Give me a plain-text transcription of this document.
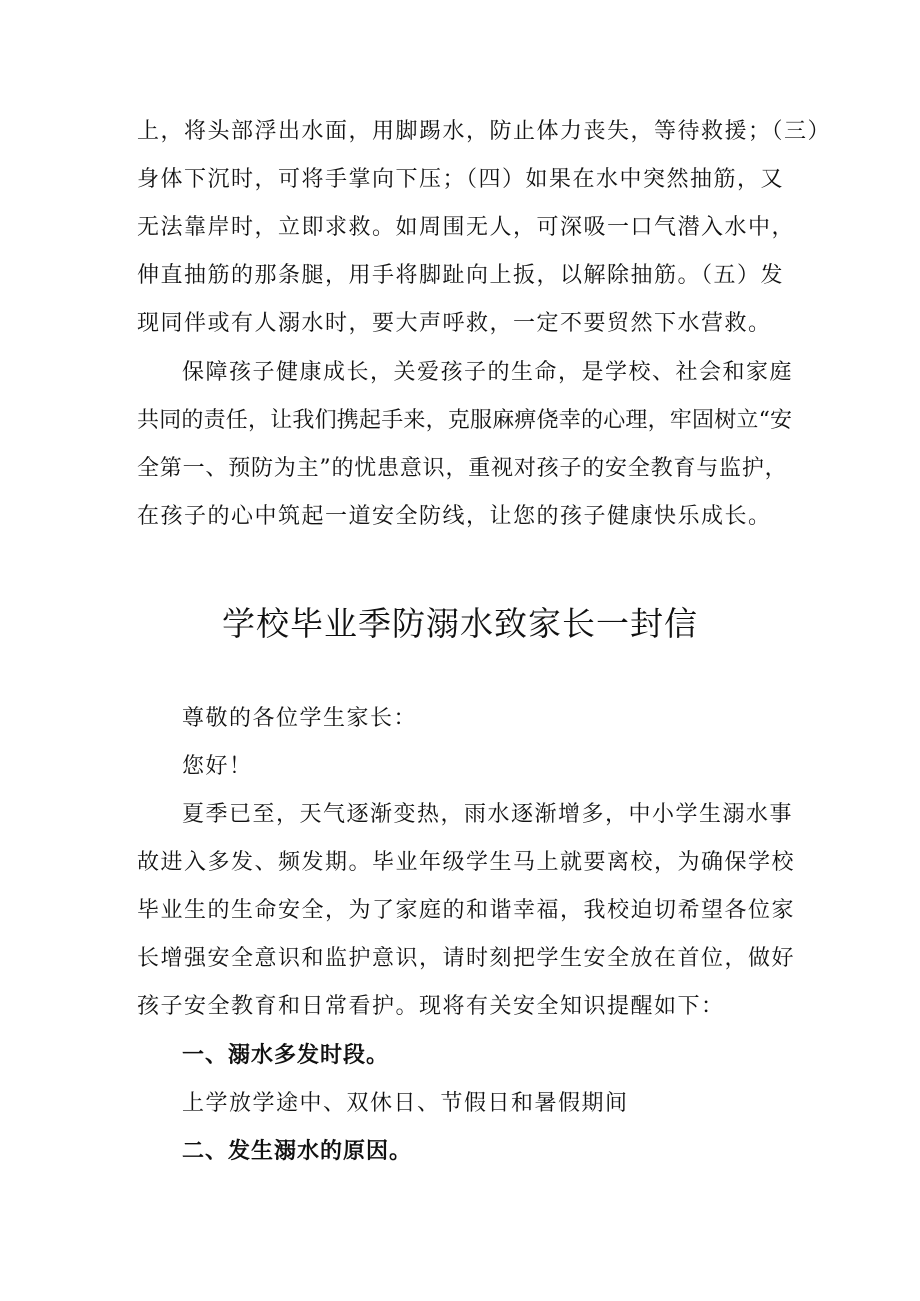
上，将头部浮出水面，用脚踢水，防止体力丧失，等待救援；（三）

身体下沉时，可将手掌向下压；（四）如果在水中突然抽筋，又

无法靠岸时，立即求救。如周围无人，可深吸一口气潜入水中，

伸直抽筋的那条腿，用手将脚趾向上扳，以解除抽筋。（五）发

现同伴或有人溺水时，要大声呼救，一定不要贸然下水营救。

保障孩子健康成长，关爱孩子的生命，是学校、社会和家庭

共同的责任，让我们携起手来，克服麻痹侥幸的心理，牢固树立“安

全第一、预防为主”的忧患意识，重视对孩子的安全教育与监护，

在孩子的心中筑起一道安全防线，让您的孩子健康快乐成长。

学校毕业季防溺水致家长一封信

尊敬的各位学生家长：

您好！

夏季已至，天气逐渐变热，雨水逐渐增多，中小学生溺水事

故进入多发、频发期。毕业年级学生马上就要离校，为确保学校

毕业生的生命安全，为了家庭的和谐幸福，我校迫切希望各位家

长增强安全意识和监护意识，请时刻把学生安全放在首位，做好

孩子安全教育和日常看护。现将有关安全知识提醒如下：

一、溺水多发时段。

上学放学途中、双休日、节假日和暑假期间

二、发生溺水的原因。
